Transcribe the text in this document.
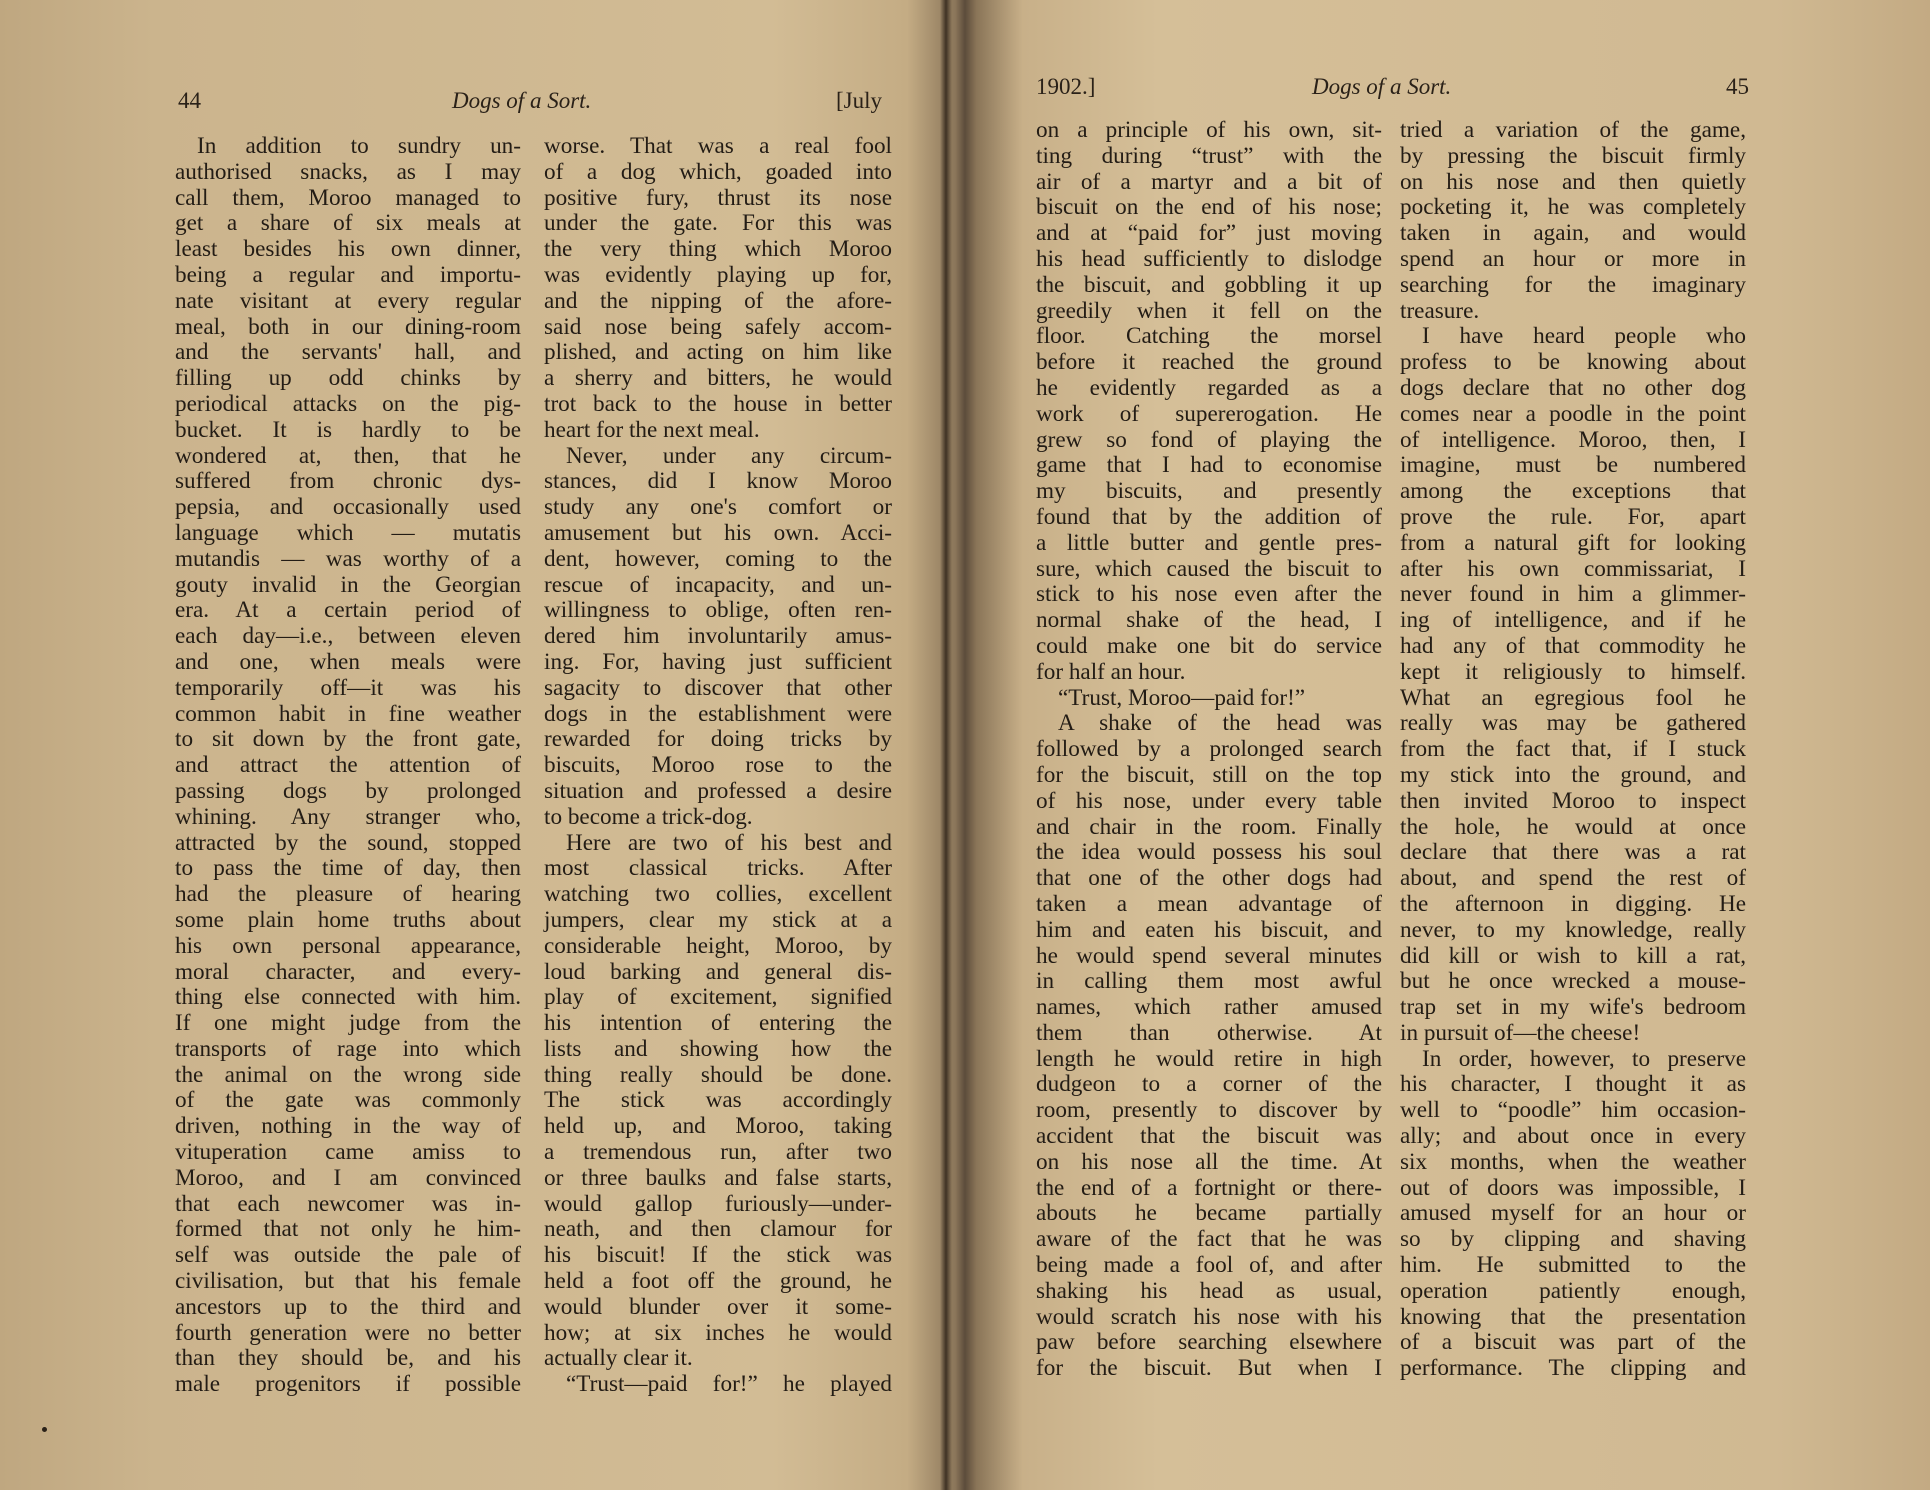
44	Dogs of a Sort.	[July
1902.]	Dogs of a Sort.	45
In addition to sundry un-
authorised snacks, as I may
call them, Moroo managed to
get a share of six meals at
least besides his own dinner,
being a regular and importu-
nate visitant at every regular
meal, both in our dining-room
and the servants' hall, and
filling up odd chinks by
periodical attacks on the pig-
bucket. It is hardly to be
wondered at, then, that he
suffered from chronic dys-
pepsia, and occasionally used
language which — mutatis
mutandis — was worthy of a
gouty invalid in the Georgian
era. At a certain period of
each day—i.e., between eleven
and one, when meals were
temporarily off—it was his
common habit in fine weather
to sit down by the front gate,
and attract the attention of
passing dogs by prolonged
whining. Any stranger who,
attracted by the sound, stopped
to pass the time of day, then
had the pleasure of hearing
some plain home truths about
his own personal appearance,
moral character, and every-
thing else connected with him.
If one might judge from the
transports of rage into which
the animal on the wrong side
of the gate was commonly
driven, nothing in the way of
vituperation came amiss to
Moroo, and I am convinced
that each newcomer was in-
formed that not only he him-
self was outside the pale of
civilisation, but that his female
ancestors up to the third and
fourth generation were no better
than they should be, and his
male progenitors if possible
worse. That was a real fool
of a dog which, goaded into
positive fury, thrust its nose
under the gate. For this was
the very thing which Moroo
was evidently playing up for,
and the nipping of the afore-
said nose being safely accom-
plished, and acting on him like
a sherry and bitters, he would
trot back to the house in better
heart for the next meal.
Never, under any circum-
stances, did I know Moroo
study any one's comfort or
amusement but his own. Acci-
dent, however, coming to the
rescue of incapacity, and un-
willingness to oblige, often ren-
dered him involuntarily amus-
ing. For, having just sufficient
sagacity to discover that other
dogs in the establishment were
rewarded for doing tricks by
biscuits, Moroo rose to the
situation and professed a desire
to become a trick-dog.
Here are two of his best and
most classical tricks. After
watching two collies, excellent
jumpers, clear my stick at a
considerable height, Moroo, by
loud barking and general dis-
play of excitement, signified
his intention of entering the
lists and showing how the
thing really should be done.
The stick was accordingly
held up, and Moroo, taking
a tremendous run, after two
or three baulks and false starts,
would gallop furiously—under-
neath, and then clamour for
his biscuit! If the stick was
held a foot off the ground, he
would blunder over it some-
how; at six inches he would
actually clear it.
“Trust—paid for!” he played
on a principle of his own, sit-
ting during “trust” with the
air of a martyr and a bit of
biscuit on the end of his nose;
and at “paid for” just moving
his head sufficiently to dislodge
the biscuit, and gobbling it up
greedily when it fell on the
floor. Catching the morsel
before it reached the ground
he evidently regarded as a
work of supererogation. He
grew so fond of playing the
game that I had to economise
my biscuits, and presently
found that by the addition of
a little butter and gentle pres-
sure, which caused the biscuit to
stick to his nose even after the
normal shake of the head, I
could make one bit do service
for half an hour.
“Trust, Moroo—paid for!”
A shake of the head was
followed by a prolonged search
for the biscuit, still on the top
of his nose, under every table
and chair in the room. Finally
the idea would possess his soul
that one of the other dogs had
taken a mean advantage of
him and eaten his biscuit, and
he would spend several minutes
in calling them most awful
names, which rather amused
them than otherwise. At
length he would retire in high
dudgeon to a corner of the
room, presently to discover by
accident that the biscuit was
on his nose all the time. At
the end of a fortnight or there-
abouts he became partially
aware of the fact that he was
being made a fool of, and after
shaking his head as usual,
would scratch his nose with his
paw before searching elsewhere
for the biscuit. But when I
tried a variation of the game,
by pressing the biscuit firmly
on his nose and then quietly
pocketing it, he was completely
taken in again, and would
spend an hour or more in
searching for the imaginary
treasure.
I have heard people who
profess to be knowing about
dogs declare that no other dog
comes near a poodle in the point
of intelligence. Moroo, then, I
imagine, must be numbered
among the exceptions that
prove the rule. For, apart
from a natural gift for looking
after his own commissariat, I
never found in him a glimmer-
ing of intelligence, and if he
had any of that commodity he
kept it religiously to himself.
What an egregious fool he
really was may be gathered
from the fact that, if I stuck
my stick into the ground, and
then invited Moroo to inspect
the hole, he would at once
declare that there was a rat
about, and spend the rest of
the afternoon in digging. He
never, to my knowledge, really
did kill or wish to kill a rat,
but he once wrecked a mouse-
trap set in my wife's bedroom
in pursuit of—the cheese!
In order, however, to preserve
his character, I thought it as
well to “poodle” him occasion-
ally; and about once in every
six months, when the weather
out of doors was impossible, I
amused myself for an hour or
so by clipping and shaving
him. He submitted to the
operation patiently enough,
knowing that the presentation
of a biscuit was part of the
performance. The clipping and
